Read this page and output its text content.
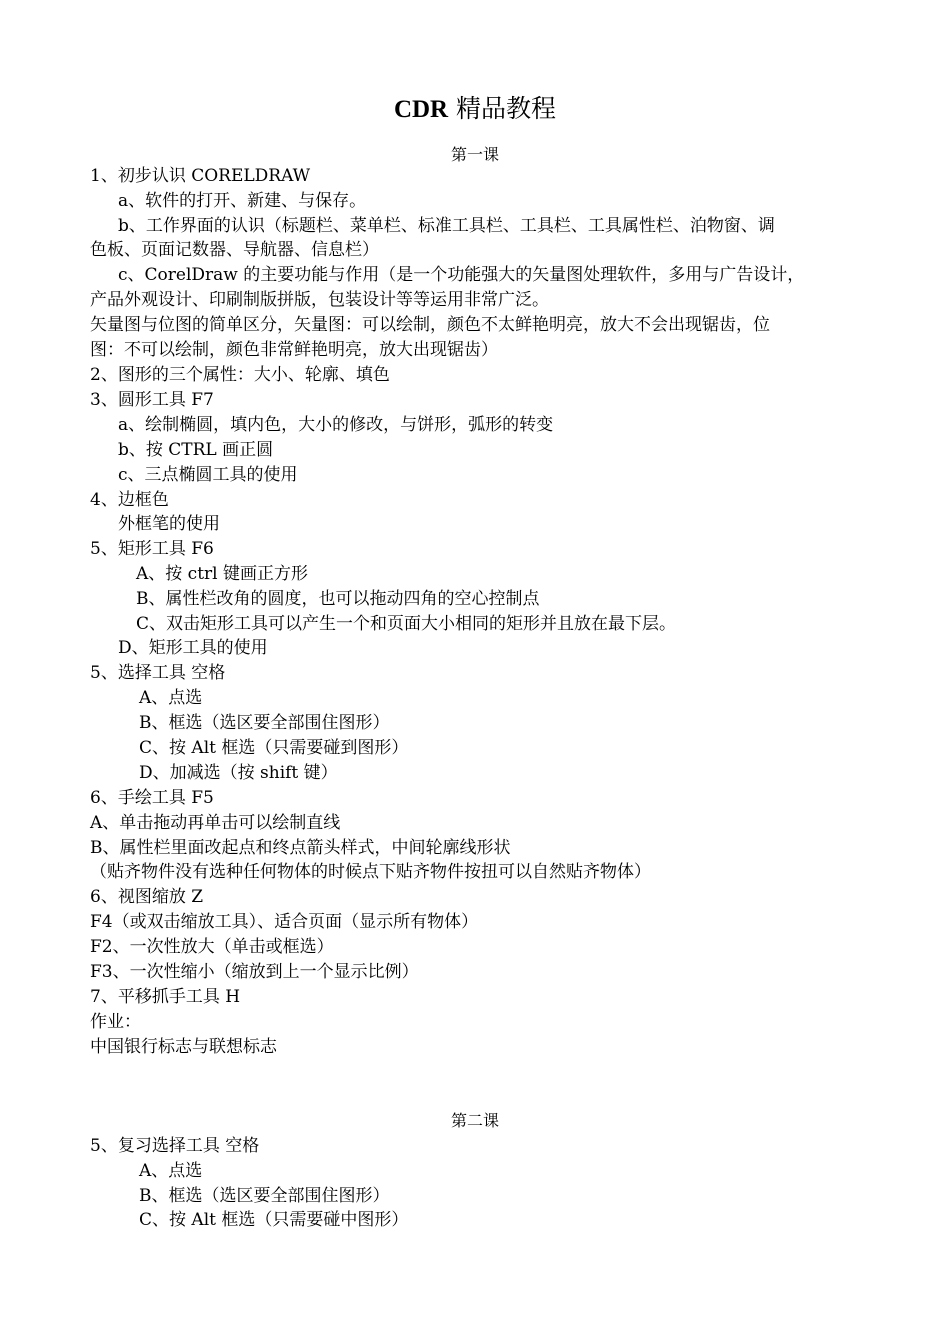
CDR 精品教程
第一课
1、初步认识 CORELDRAW
a、软件的打开、新建、与保存。
b、工作界面的认识（标题栏、菜单栏、标准工具栏、工具栏、工具属性栏、泊物窗、调
色板、页面记数器、导航器、信息栏）
c、CorelDraw 的主要功能与作用（是一个功能强大的矢量图处理软件，多用与广告设计，
产品外观设计、印刷制版拼版，包装设计等等运用非常广泛。
矢量图与位图的简单区分，矢量图：可以绘制，颜色不太鲜艳明亮，放大不会出现锯齿，位
图：不可以绘制，颜色非常鲜艳明亮，放大出现锯齿）
2、图形的三个属性：大小、轮廓、填色
3、圆形工具 F7
a、绘制椭圆，填内色，大小的修改，与饼形，弧形的转变
b、按 CTRL 画正圆
c、三点椭圆工具的使用
4、边框色
外框笔的使用
5、矩形工具 F6
A、按 ctrl 键画正方形
B、属性栏改角的圆度，也可以拖动四角的空心控制点
C、双击矩形工具可以产生一个和页面大小相同的矩形并且放在最下层。
D、矩形工具的使用
5、选择工具 空格
A、点选
B、框选（选区要全部围住图形）
C、按 Alt 框选（只需要碰到图形）
D、加减选（按 shift 键）
6、手绘工具 F5
A、单击拖动再单击可以绘制直线
B、属性栏里面改起点和终点箭头样式，中间轮廓线形状
（贴齐物件没有选种任何物体的时候点下贴齐物件按扭可以自然贴齐物体）
6、视图缩放 Z
F4（或双击缩放工具）、适合页面（显示所有物体）
F2、一次性放大（单击或框选）
F3、一次性缩小（缩放到上一个显示比例）
7、平移抓手工具 H
作业：
中国银行标志与联想标志
第二课
5、复习选择工具 空格
A、点选
B、框选（选区要全部围住图形）
C、按 Alt 框选（只需要碰中图形）
